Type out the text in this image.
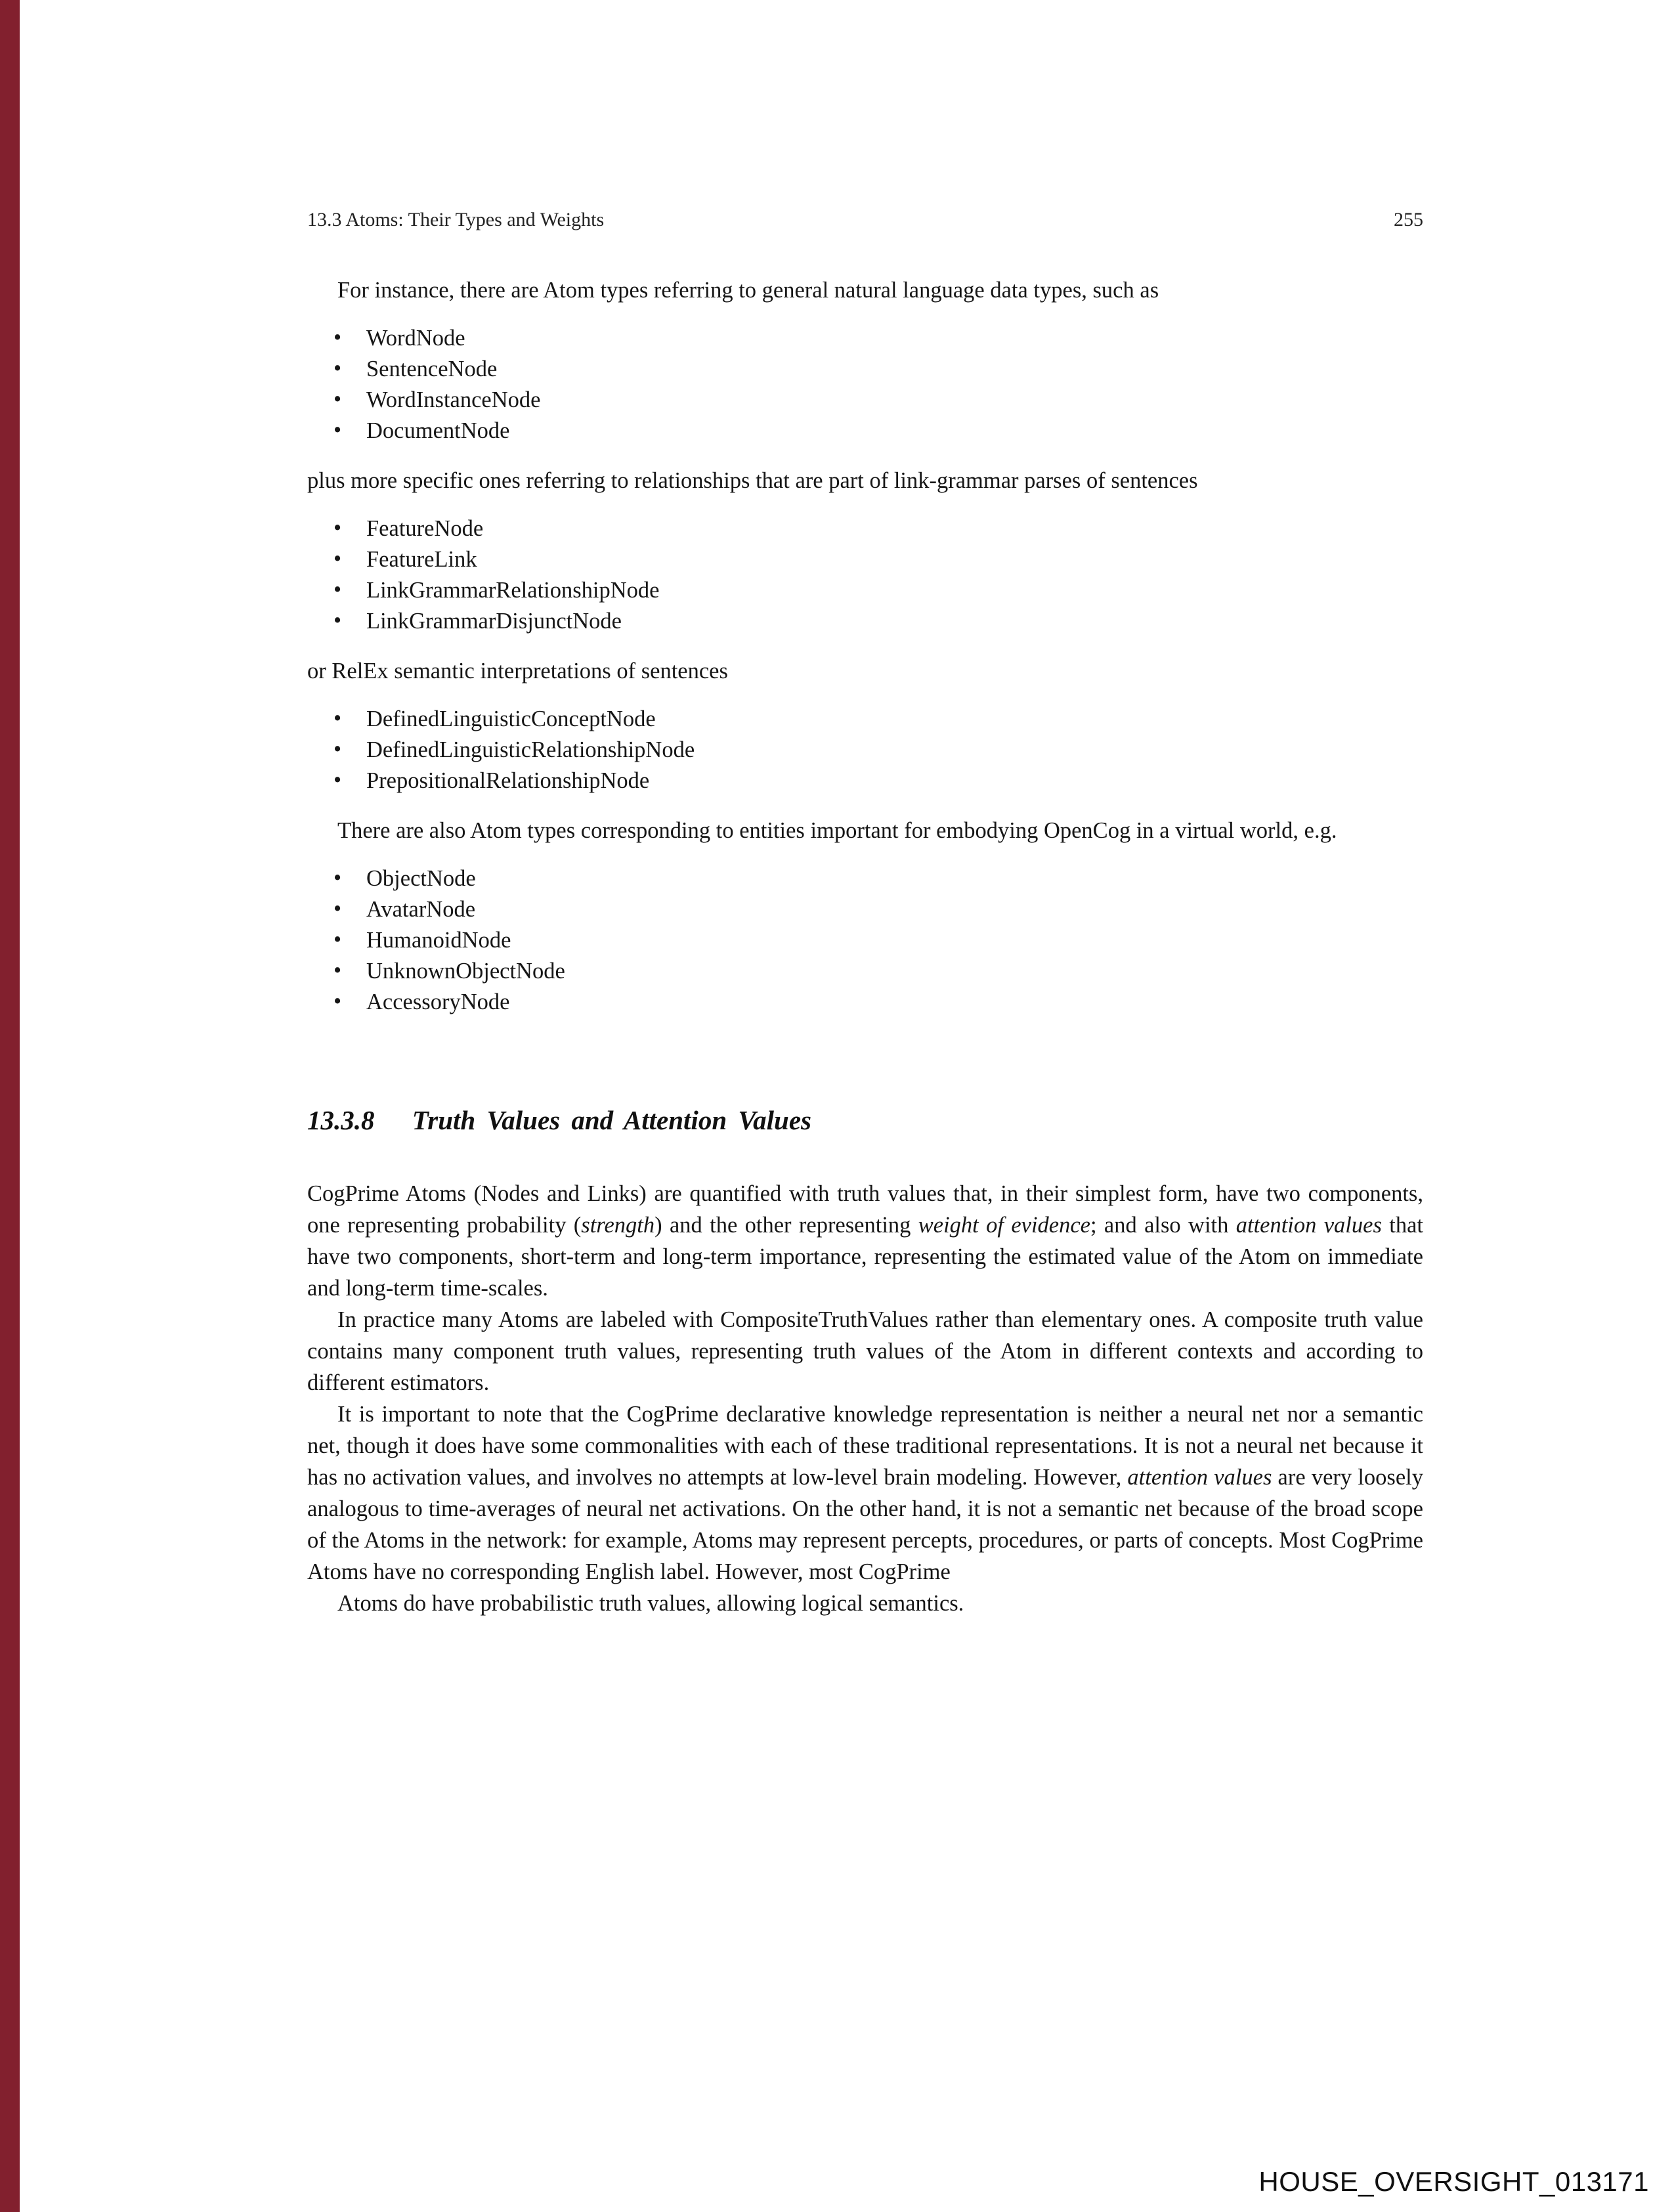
13.3 Atoms: Their Types and Weights	255

For instance, there are Atom types referring to general natural language data types, such as

• WordNode
• SentenceNode
• WordInstanceNode
• DocumentNode

plus more specific ones referring to relationships that are part of link-grammar parses of sentences

• FeatureNode
• FeatureLink
• LinkGrammarRelationshipNode
• LinkGrammarDisjunctNode

or RelEx semantic interpretations of sentences

• DefinedLinguisticConceptNode
• DefinedLinguisticRelationshipNode
• PrepositionalRelationshipNode

There are also Atom types corresponding to entities important for embodying OpenCog in a virtual world, e.g.

• ObjectNode
• AvatarNode
• HumanoidNode
• UnknownObjectNode
• AccessoryNode
13.3.8 Truth Values and Attention Values

CogPrime Atoms (Nodes and Links) are quantified with truth values that, in their simplest form, have two components, one representing probability (strength) and the other representing weight of evidence; and also with attention values that have two components, short-term and long-term importance, representing the estimated value of the Atom on immediate and long-term time-scales.

In practice many Atoms are labeled with CompositeTruthValues rather than elementary ones. A composite truth value contains many component truth values, representing truth values of the Atom in different contexts and according to different estimators.

It is important to note that the CogPrime declarative knowledge representation is neither a neural net nor a semantic net, though it does have some commonalities with each of these traditional representations. It is not a neural net because it has no activation values, and involves no attempts at low-level brain modeling. However, attention values are very loosely analogous to time-averages of neural net activations. On the other hand, it is not a semantic net because of the broad scope of the Atoms in the network: for example, Atoms may represent percepts, procedures, or parts of concepts. Most CogPrime Atoms have no corresponding English label. However, most CogPrime

Atoms do have probabilistic truth values, allowing logical semantics.

HOUSE_OVERSIGHT_013171
